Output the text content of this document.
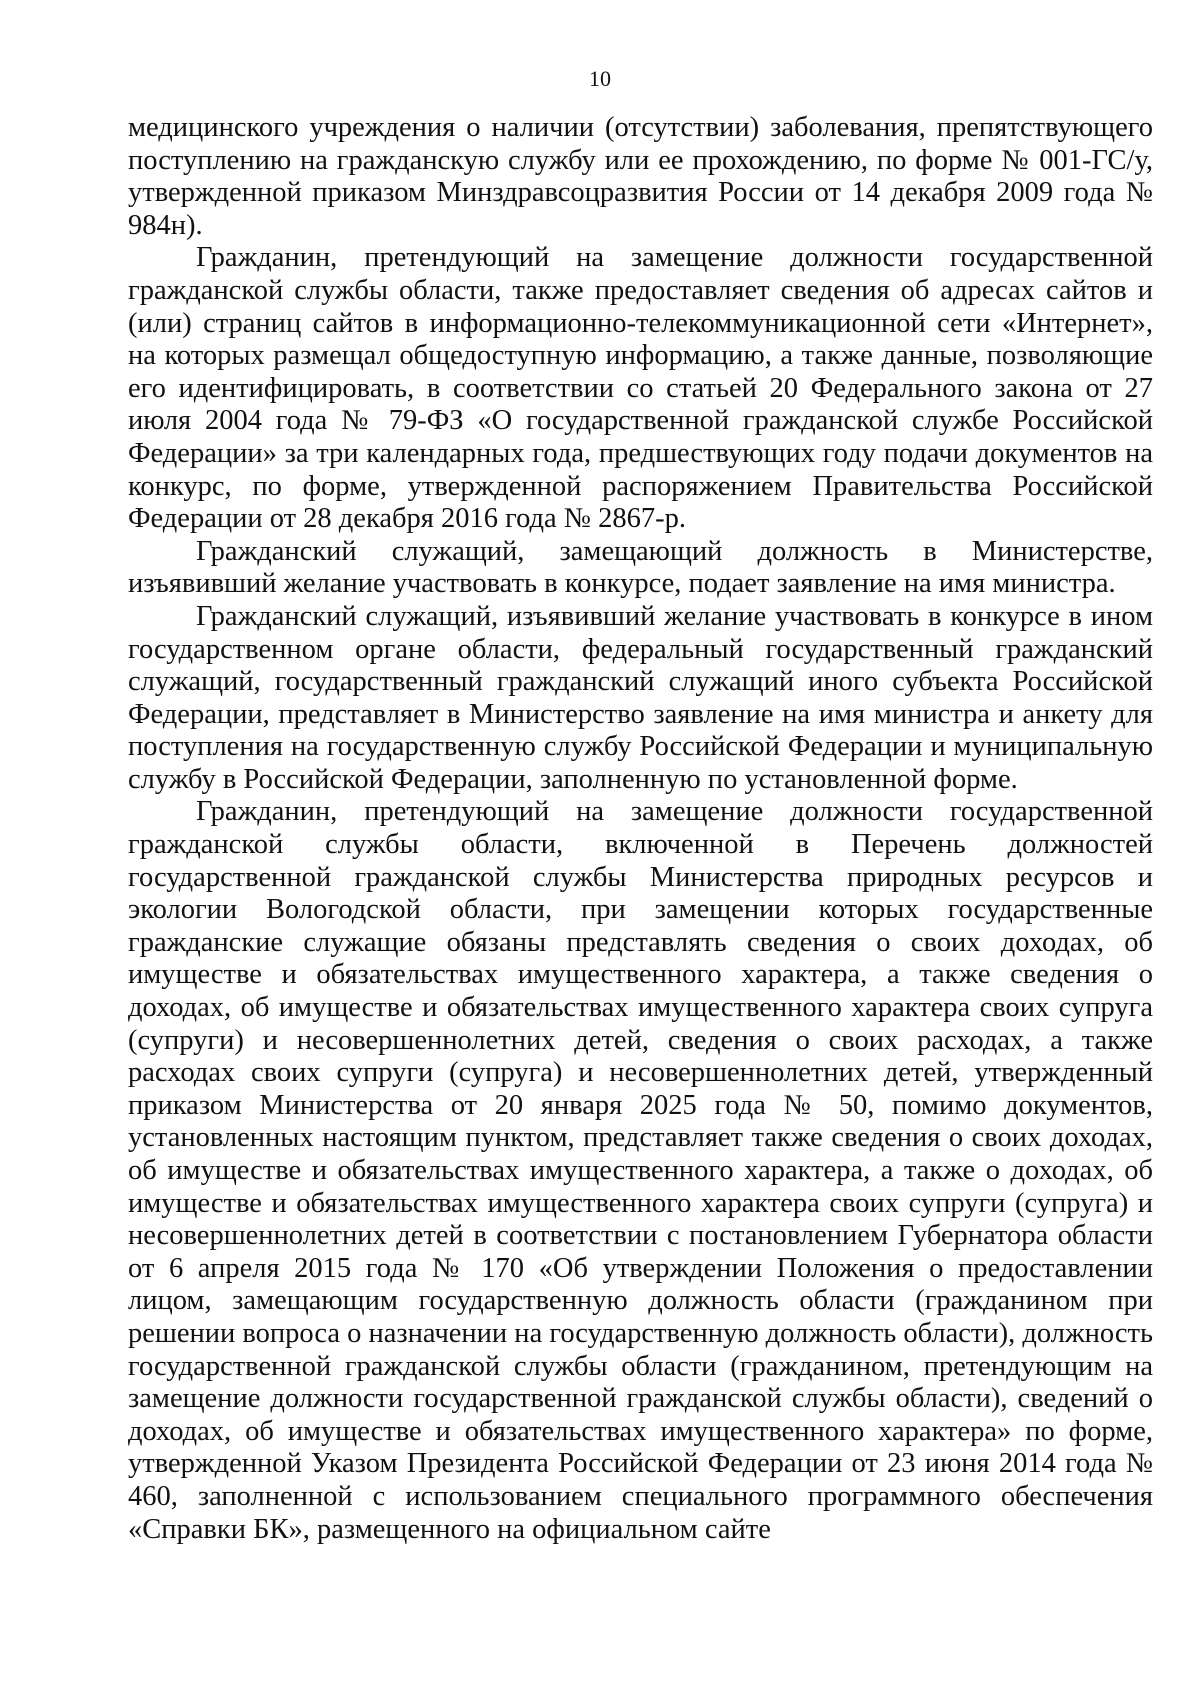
10

медицинского учреждения о наличии (отсутствии) заболевания, препятствующего поступлению на гражданскую службу или ее прохождению, по форме № 001-ГС/у, утвержденной приказом Минздравсоцразвития России от 14 декабря 2009 года № 984н).

Гражданин, претендующий на замещение должности государственной гражданской службы области, также предоставляет сведения об адресах сайтов и (или) страниц сайтов в информационно-телекоммуникационной сети «Интернет», на которых размещал общедоступную информацию, а также данные, позволяющие его идентифицировать, в соответствии со статьей 20 Федерального закона от 27 июля 2004 года № 79-ФЗ «О государственной гражданской службе Российской Федерации» за три календарных года, предшествующих году подачи документов на конкурс, по форме, утвержденной распоряжением Правительства Российской Федерации от 28 декабря 2016 года № 2867-р.

Гражданский служащий, замещающий должность в Министерстве, изъявивший желание участвовать в конкурсе, подает заявление на имя министра.

Гражданский служащий, изъявивший желание участвовать в конкурсе в ином государственном органе области, федеральный государственный гражданский служащий, государственный гражданский служащий иного субъекта Российской Федерации, представляет в Министерство заявление на имя министра и анкету для поступления на государственную службу Российской Федерации и муниципальную службу в Российской Федерации, заполненную по установленной форме.

Гражданин, претендующий на замещение должности государственной гражданской службы области, включенной в Перечень должностей государственной гражданской службы Министерства природных ресурсов и экологии Вологодской области, при замещении которых государственные гражданские служащие обязаны представлять сведения о своих доходах, об имуществе и обязательствах имущественного характера, а также сведения о доходах, об имуществе и обязательствах имущественного характера своих супруга (супруги) и несовершеннолетних детей, сведения о своих расходах, а также расходах своих супруги (супруга) и несовершеннолетних детей, утвержденный приказом Министерства от 20 января 2025 года № 50, помимо документов, установленных настоящим пунктом, представляет также сведения о своих доходах, об имуществе и обязательствах имущественного характера, а также о доходах, об имуществе и обязательствах имущественного характера своих супруги (супруга) и несовершеннолетних детей в соответствии с постановлением Губернатора области от 6 апреля 2015 года № 170 «Об утверждении Положения о предоставлении лицом, замещающим государственную должность области (гражданином при решении вопроса о назначении на государственную должность области), должность государственной гражданской службы области (гражданином, претендующим на замещение должности государственной гражданской службы области), сведений о доходах, об имуществе и обязательствах имущественного характера» по форме, утвержденной Указом Президента Российской Федерации от 23 июня 2014 года № 460, заполненной с использованием специального программного обеспечения «Справки БК», размещенного на официальном сайте
